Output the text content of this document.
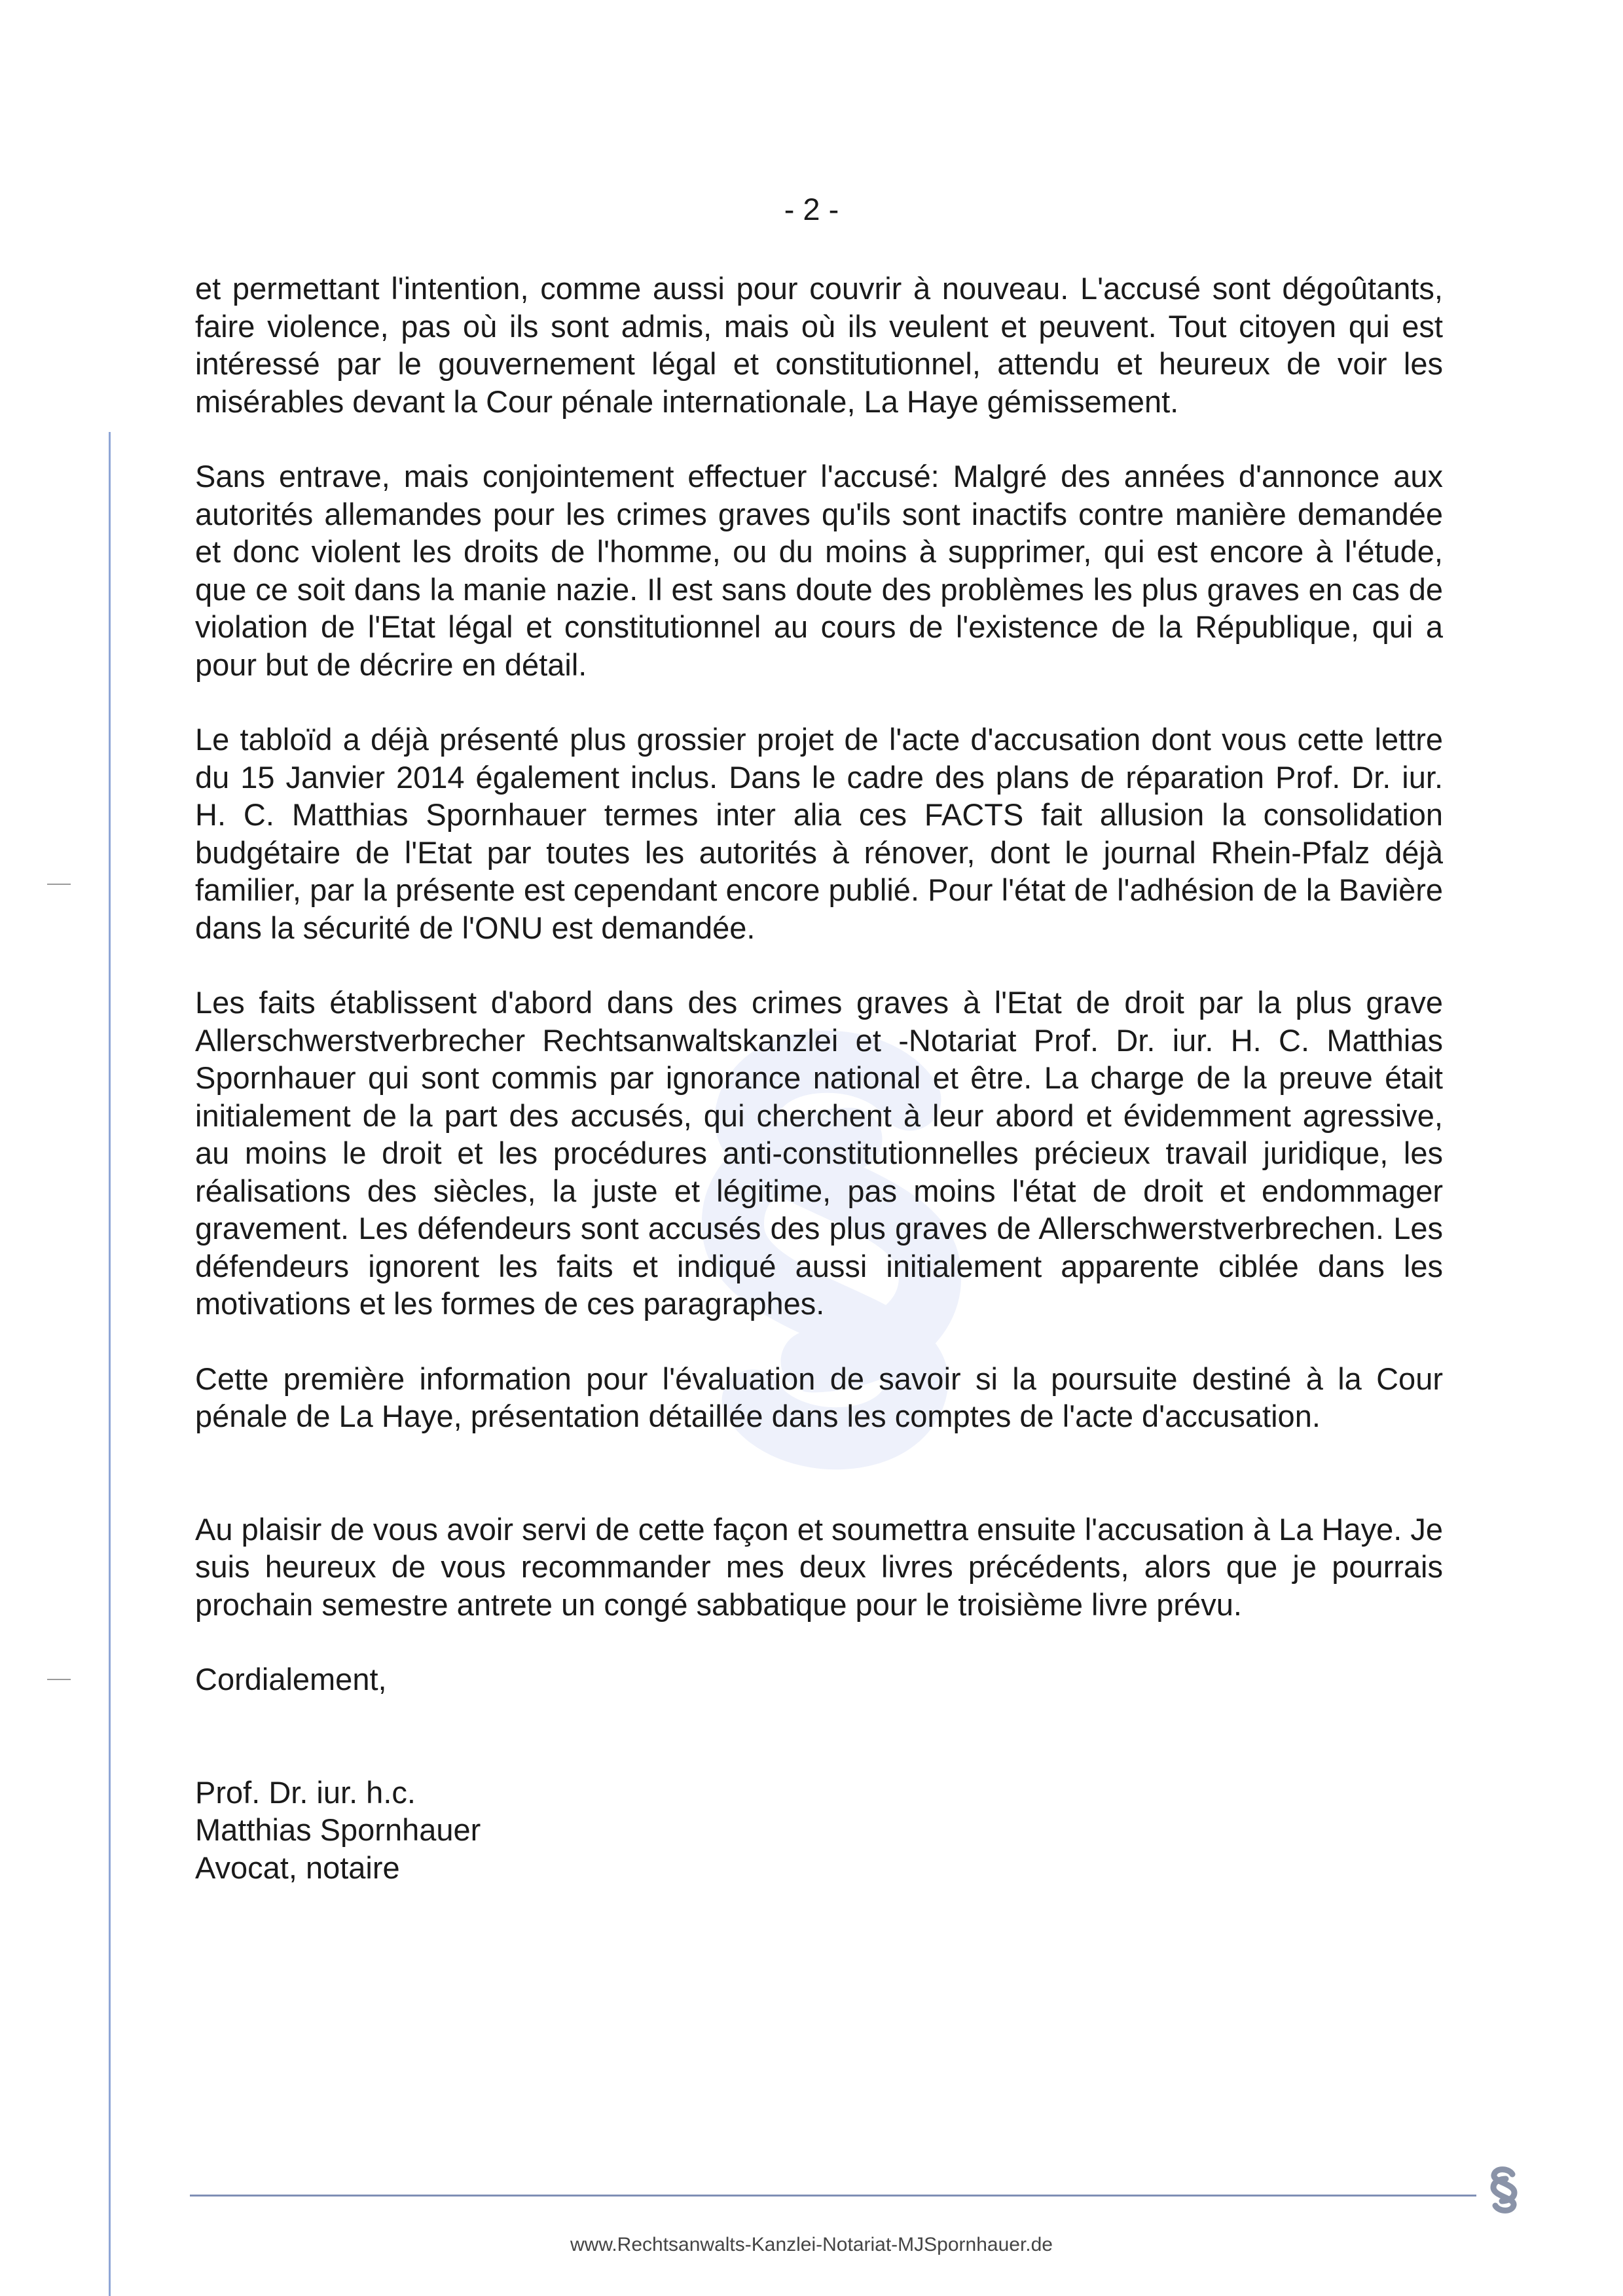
- 2 -

et permettant l'intention, comme aussi pour couvrir à nouveau. L'accusé sont dégoûtants, faire violence, pas où ils sont admis, mais où ils veulent et peuvent. Tout citoyen qui est intéressé par le gouvernement légal et constitutionnel, attendu et heureux de voir les misérables devant la Cour pénale internationale, La Haye gémissement.

Sans entrave, mais conjointement effectuer l'accusé: Malgré des années d'annonce aux autorités allemandes pour les crimes graves qu'ils sont inactifs contre manière demandée et donc violent les droits de l'homme, ou du moins à supprimer, qui est encore à l'étude, que ce soit dans la manie nazie. Il est sans doute des problèmes les plus graves en cas de violation de l'Etat légal et constitutionnel au cours de l'existence de la République, qui a pour but de décrire en détail.

Le tabloïd a déjà présenté plus grossier projet de l'acte d'accusation dont vous cette lettre du 15 Janvier 2014 également inclus. Dans le cadre des plans de réparation Prof. Dr. iur. H. C. Matthias Spornhauer termes inter alia ces FACTS fait allusion la consolidation budgétaire de l'Etat par toutes les autorités à rénover, dont le journal Rhein-Pfalz déjà familier, par la présente est cependant encore publié. Pour l'état de l'adhésion de la Bavière dans la sécurité de l'ONU est demandée.

Les faits établissent d'abord dans des crimes graves à l'Etat de droit par la plus grave Allerschwerstverbrecher Rechtsanwaltskanzlei et -Notariat Prof. Dr. iur. H. C. Matthias Spornhauer qui sont commis par ignorance national et être. La charge de la preuve était initialement de la part des accusés, qui cherchent à leur abord et évidemment agressive, au moins le droit et les procédures anti-constitutionnelles précieux travail juridique, les réalisations des siècles, la juste et légitime, pas moins l'état de droit et endommager gravement. Les défendeurs sont accusés des plus graves de Allerschwerstverbrechen. Les défendeurs ignorent les faits et indiqué aussi initialement apparente ciblée dans les motivations et les formes de ces paragraphes.

Cette première information pour l'évaluation de savoir si la poursuite destiné à la Cour pénale de La Haye, présentation détaillée dans les comptes de l'acte d'accusation.

Au plaisir de vous avoir servi de cette façon et soumettra ensuite l'accusation à La Haye. Je suis heureux de vous recommander mes deux livres précédents, alors que je pourrais prochain semestre antrete un congé sabbatique pour le troisième livre prévu.

Cordialement,
Prof. Dr. iur. h.c.
Matthias Spornhauer
Avocat, notaire
www.Rechtsanwalts-Kanzlei-Notariat-MJSpornhauer.de
